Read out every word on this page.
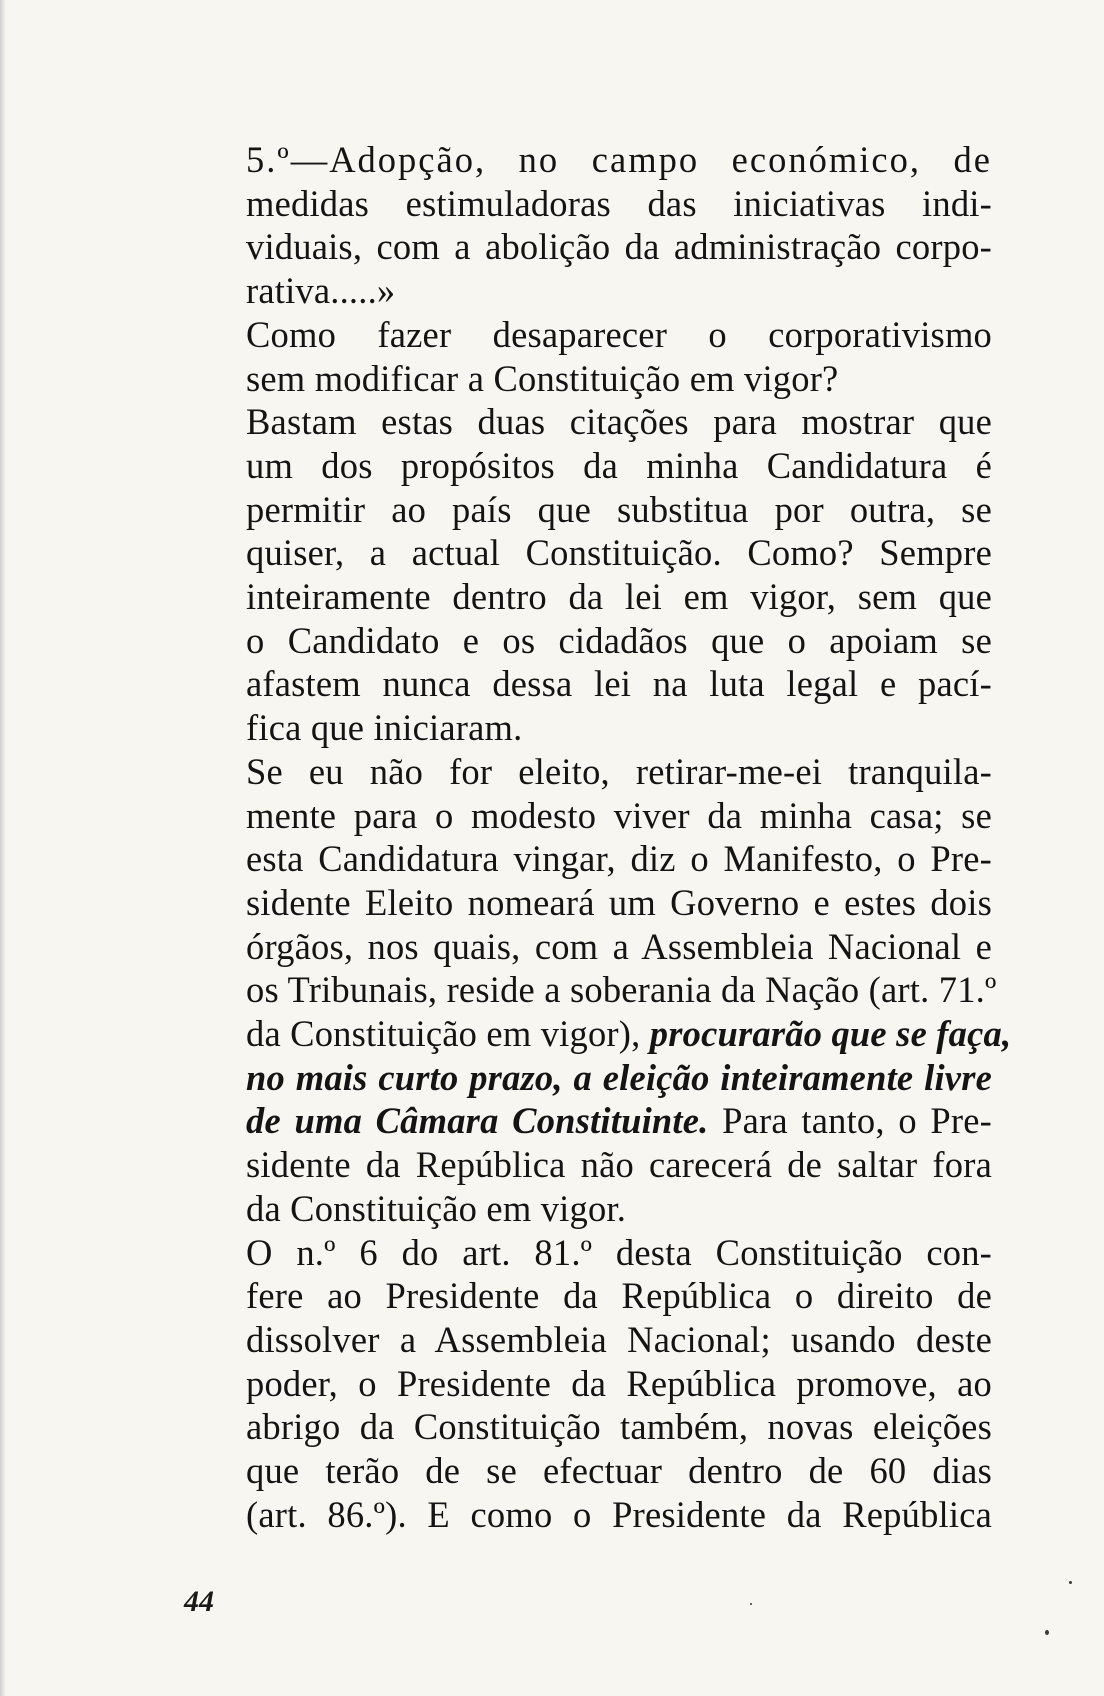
5.º—Adopção, no campo económico, de
medidas estimuladoras das iniciativas indi-
viduais, com a abolição da administração corpo-
rativa.....»

Como fazer desaparecer o corporativismo
sem modificar a Constituição em vigor?

Bastam estas duas citações para mostrar que
um dos propósitos da minha Candidatura é
permitir ao país que substitua por outra, se
quiser, a actual Constituição. Como? Sempre
inteiramente dentro da lei em vigor, sem que
o Candidato e os cidadãos que o apoiam se
afastem nunca dessa lei na luta legal e pací-
fica que iniciaram.

Se eu não for eleito, retirar-me-ei tranquila-
mente para o modesto viver da minha casa; se
esta Candidatura vingar, diz o Manifesto, o Pre-
sidente Eleito nomeará um Governo e estes dois
órgãos, nos quais, com a Assembleia Nacional e
os Tribunais, reside a soberania da Nação (art. 71.º
da Constituição em vigor), procurarão que se faça,
no mais curto prazo, a eleição inteiramente livre
de uma Câmara Constituinte. Para tanto, o Pre-
sidente da República não carecerá de saltar fora
da Constituição em vigor.

O n.º 6 do art. 81.º desta Constituição con-
fere ao Presidente da República o direito de
dissolver a Assembleia Nacional; usando deste
poder, o Presidente da República promove, ao
abrigo da Constituição também, novas eleições
que terão de se efectuar dentro de 60 dias
(art. 86.º). E como o Presidente da República

44
